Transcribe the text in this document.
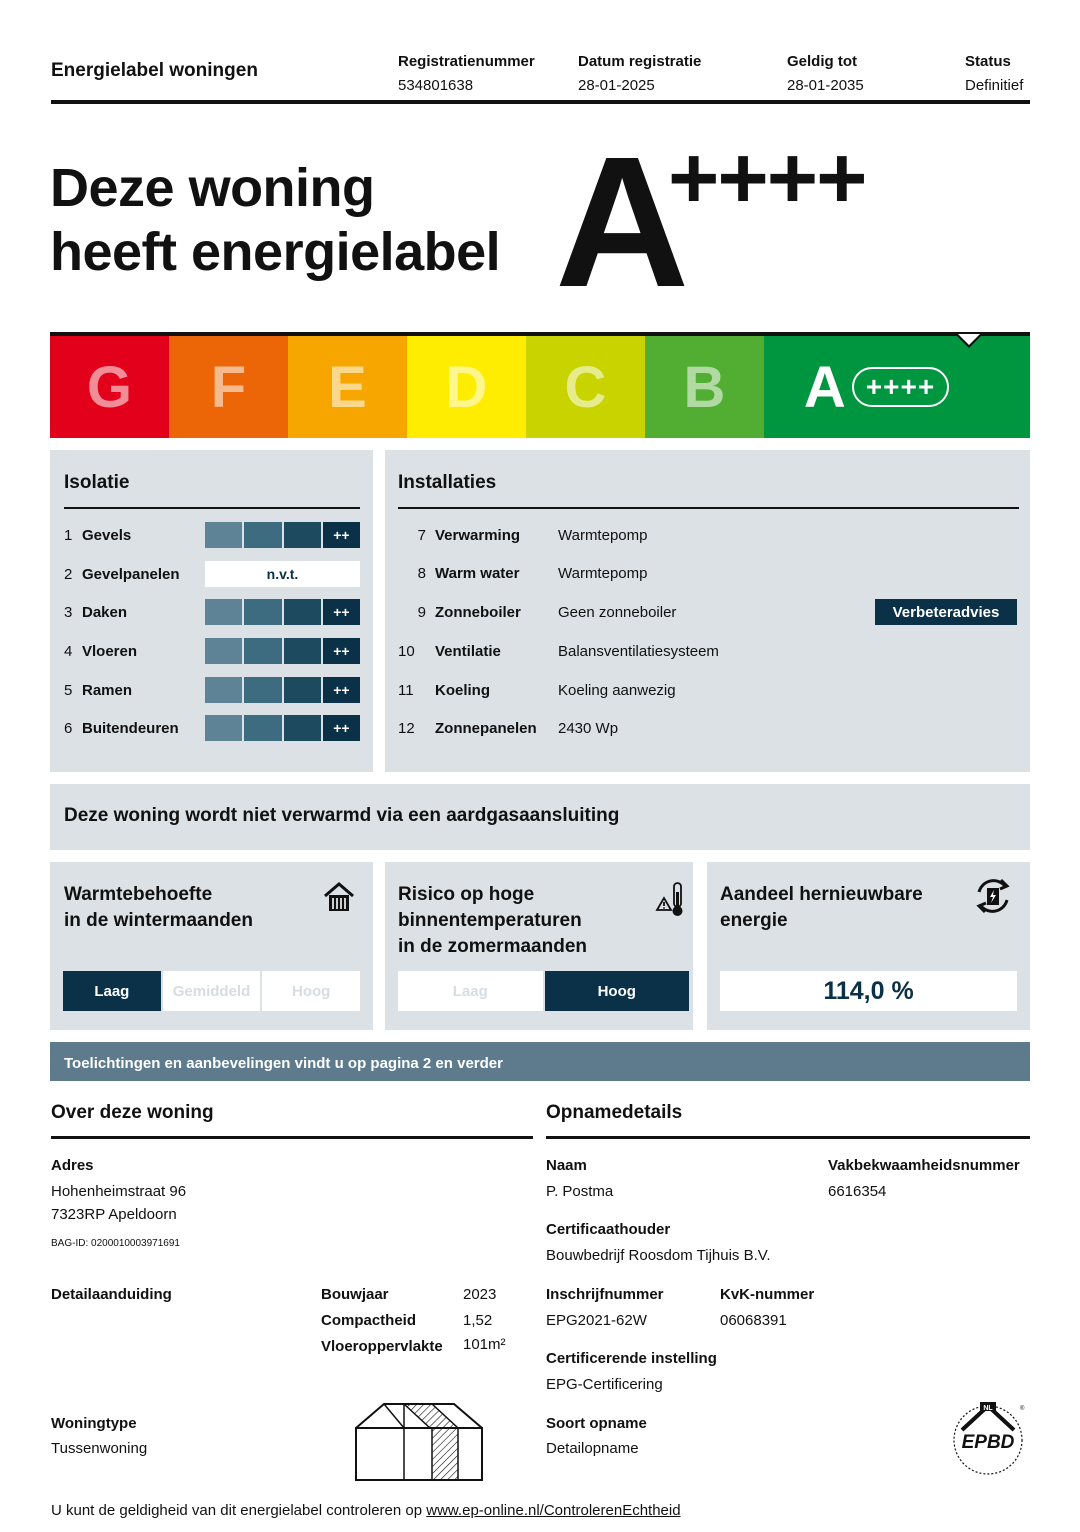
Energielabel woningen	Registratienummer
534801638
Datum registratie
28-01-2025
Geldig tot
28-01-2035
Status
Definitief
Deze woning
heeft energielabel A
++++
G F E D C B A ++++
Isolatie
1 Gevels	++
2 Gevelpanelen	n.v.t.
3 Daken	++
4 Vloeren	++
5 Ramen	++
6 Buitendeuren	++
Installaties
7 Verwarming	Warmtepomp
8 Warm water	Warmtepomp
9 Zonneboiler	Geen zonneboiler	Verbeteradvies
10	Ventilatie	Balansventilatiesysteem
11	Koeling	Koeling aanwezig
12	Zonnepanelen	2430 Wp
Deze woning wordt niet verwarmd via een aardgasaansluiting
Warmtebehoefte
in de wintermaanden
Laag	Gemiddeld	Hoog
Risico op hoge
binnentemperaturen
in de zomermaanden
Laag	Hoog
Aandeel hernieuwbare
energie
114,0 %
Toelichtingen en aanbevelingen vindt u op pagina 2 en verder
Over deze woning
Adres
Hohenheimstraat 96
7323RP Apeldoorn
BAG-ID: 0200010003971691
Detailaanduiding	Bouwjaar	2023
Compactheid	1,52
Vloeroppervlakte 101m²
Woningtype
Tussenwoning
Opnamedetails
Naam
P. Postma
Vakbekwaamheidsnummer
6616354
Certificaathouder
Bouwbedrijf Roosdom Tijhuis B.V.
Inschrijfnummer
EPG2021-62W
KvK-nummer
06068391
Certificerende instelling
EPG-Certificering
Soort opname
Detailopname
NL
EPBD
®
U kunt de geldigheid van dit energielabel controleren op www.ep-online.nl/ControlerenEchtheid
